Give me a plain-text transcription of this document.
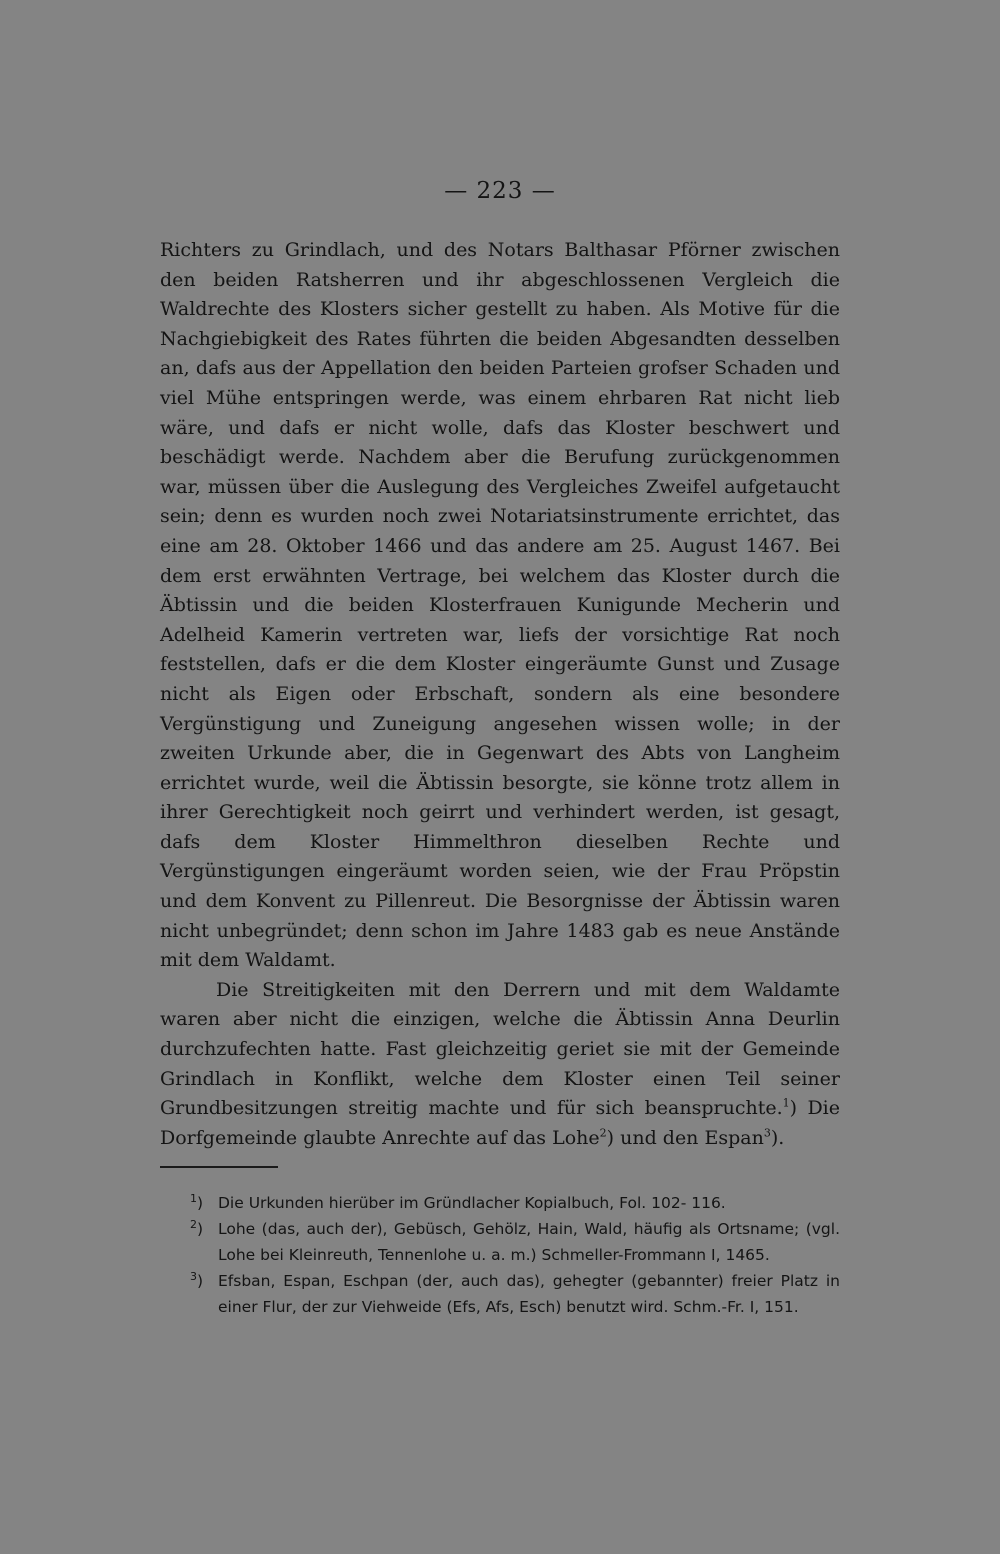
— 223 —

Richters zu Grindlach, und des Notars Balthasar Pförner zwischen den beiden Ratsherren und ihr abgeschlossenen Vergleich die Waldrechte des Klosters sicher gestellt zu haben. Als Motive für die Nachgiebigkeit des Rates führten die beiden Abgesandten desselben an, dafs aus der Appellation den beiden Parteien grofser Schaden und viel Mühe entspringen werde, was einem ehrbaren Rat nicht lieb wäre, und dafs er nicht wolle, dafs das Kloster beschwert und beschädigt werde. Nachdem aber die Berufung zurückgenommen war, müssen über die Auslegung des Vergleiches Zweifel aufgetaucht sein; denn es wurden noch zwei Notariatsinstrumente errichtet, das eine am 28. Oktober 1466 und das andere am 25. August 1467. Bei dem erst erwähnten Vertrage, bei welchem das Kloster durch die Äbtissin und die beiden Klosterfrauen Kunigunde Mecherin und Adelheid Kamerin vertreten war, liefs der vorsichtige Rat noch feststellen, dafs er die dem Kloster eingeräumte Gunst und Zusage nicht als Eigen oder Erbschaft, sondern als eine besondere Vergünstigung und Zuneigung angesehen wissen wolle; in der zweiten Urkunde aber, die in Gegenwart des Abts von Langheim errichtet wurde, weil die Äbtissin besorgte, sie könne trotz allem in ihrer Gerechtigkeit noch geirrt und verhindert werden, ist gesagt, dafs dem Kloster Himmelthron dieselben Rechte und Vergünstigungen eingeräumt worden seien, wie der Frau Pröpstin und dem Konvent zu Pillenreut. Die Besorgnisse der Äbtissin waren nicht unbegründet; denn schon im Jahre 1483 gab es neue Anstände mit dem Waldamt.

Die Streitigkeiten mit den Derrern und mit dem Waldamte waren aber nicht die einzigen, welche die Äbtissin Anna Deurlin durchzufechten hatte. Fast gleichzeitig geriet sie mit der Gemeinde Grindlach in Konflikt, welche dem Kloster einen Teil seiner Grundbesitzungen streitig machte und für sich beanspruchte.$^1$) Die Dorfgemeinde glaubte Anrechte auf das Lohe$^2$) und den Espan$^3$).

$^1$) Die Urkunden hierüber im Gründlacher Kopialbuch, Fol. 102- 116.
$^2$) Lohe (das, auch der), Gebüsch, Gehölz, Hain, Wald, häufig als Ortsname; (vgl. Lohe bei Kleinreuth, Tennenlohe u. a. m.) Schmeller-Frommann I, 1465.
$^3$) Efsban, Espan, Eschpan (der, auch das), gehegter (gebannter) freier Platz in einer Flur, der zur Viehweide (Efs, Afs, Esch) benutzt wird. Schm.-Fr. I, 151.
